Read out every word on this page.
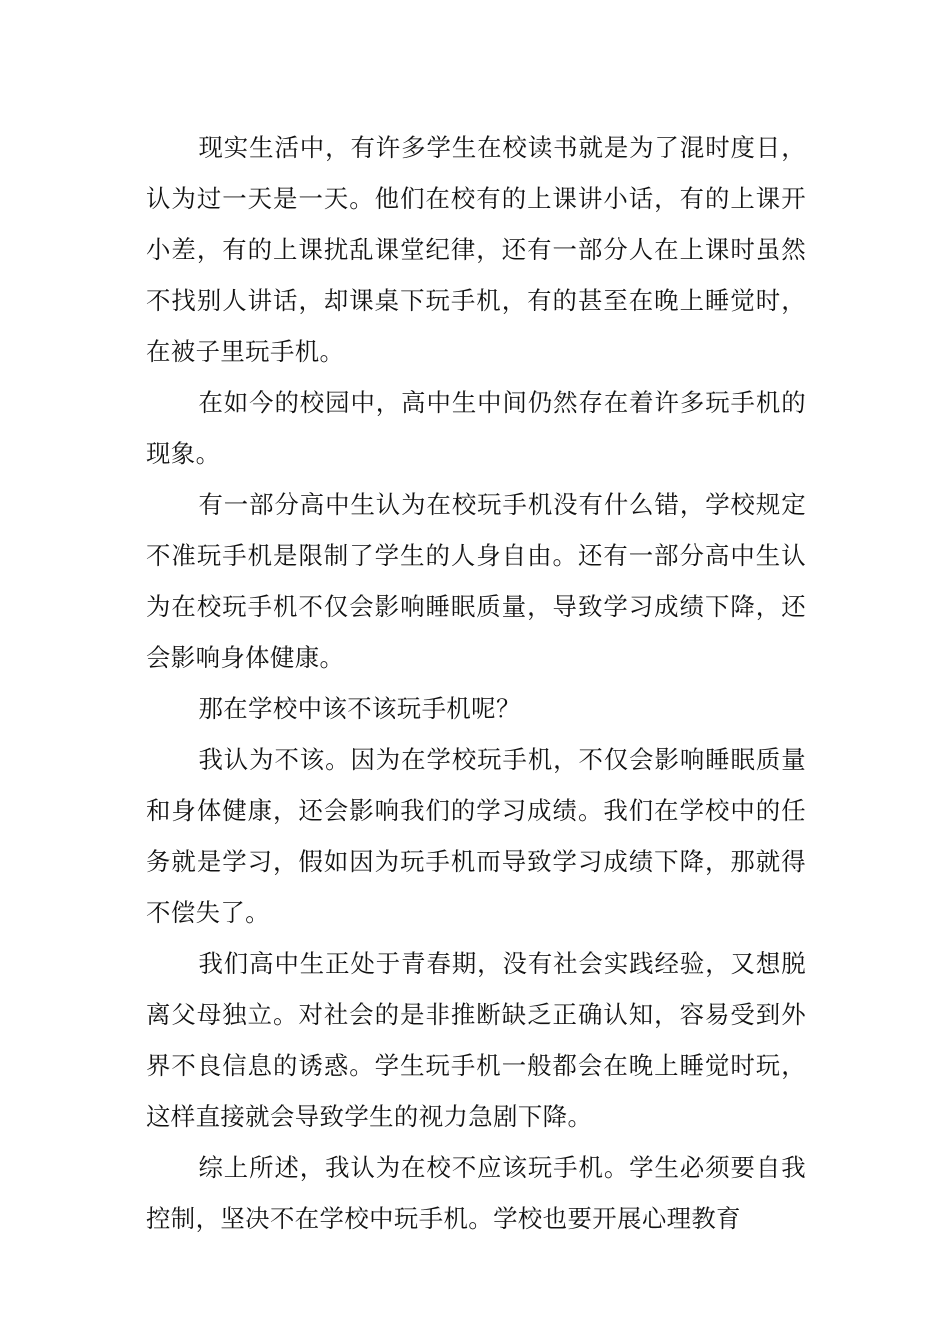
现实生活中，有许多学生在校读书就是为了混时度日，认为过一天是一天。他们在校有的上课讲小话，有的上课开小差，有的上课扰乱课堂纪律，还有一部分人在上课时虽然不找别人讲话，却课桌下玩手机，有的甚至在晚上睡觉时，在被子里玩手机。

在如今的校园中，高中生中间仍然存在着许多玩手机的现象。

有一部分高中生认为在校玩手机没有什么错，学校规定不准玩手机是限制了学生的人身自由。还有一部分高中生认为在校玩手机不仅会影响睡眠质量，导致学习成绩下降，还会影响身体健康。

那在学校中该不该玩手机呢？

我认为不该。因为在学校玩手机，不仅会影响睡眠质量和身体健康，还会影响我们的学习成绩。我们在学校中的任务就是学习，假如因为玩手机而导致学习成绩下降，那就得不偿失了。

我们高中生正处于青春期，没有社会实践经验，又想脱离父母独立。对社会的是非推断缺乏正确认知，容易受到外界不良信息的诱惑。学生玩手机一般都会在晚上睡觉时玩，这样直接就会导致学生的视力急剧下降。

综上所述，我认为在校不应该玩手机。学生必须要自我控制，坚决不在学校中玩手机。学校也要开展心理教育
